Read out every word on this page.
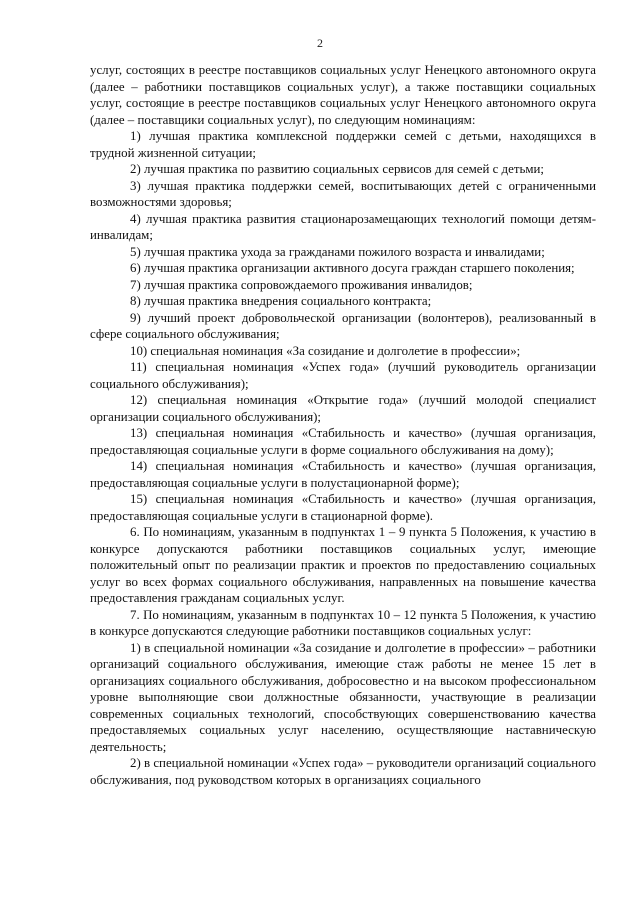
2

услуг, состоящих в реестре поставщиков социальных услуг Ненецкого автономного округа (далее – работники поставщиков социальных услуг), а также поставщики социальных услуг, состоящие в реестре поставщиков социальных услуг Ненецкого автономного округа (далее – поставщики социальных услуг), по следующим номинациям:

1) лучшая практика комплексной поддержки семей с детьми, находящихся в трудной жизненной ситуации;

2) лучшая практика по развитию социальных сервисов для семей с детьми;

3) лучшая практика поддержки семей, воспитывающих детей с ограниченными возможностями здоровья;

4) лучшая практика развития стационарозамещающих технологий помощи детям-инвалидам;

5) лучшая практика ухода за гражданами пожилого возраста и инвалидами;

6) лучшая практика организации активного досуга граждан старшего поколения;

7) лучшая практика сопровождаемого проживания инвалидов;

8) лучшая практика внедрения социального контракта;

9) лучший проект добровольческой организации (волонтеров), реализованный в сфере социального обслуживания;

10) специальная номинация «За созидание и долголетие в профессии»;

11) специальная номинация «Успех года» (лучший руководитель организации социального обслуживания);

12) специальная номинация «Открытие года» (лучший молодой специалист организации социального обслуживания);

13) специальная номинация «Стабильность и качество» (лучшая организация, предоставляющая социальные услуги в форме социального обслуживания на дому);

14) специальная номинация «Стабильность и качество» (лучшая организация, предоставляющая социальные услуги в полустационарной форме);

15) специальная номинация «Стабильность и качество» (лучшая организация, предоставляющая социальные услуги в стационарной форме).

6. По номинациям, указанным в подпунктах 1 – 9 пункта 5 Положения, к участию в конкурсе допускаются работники поставщиков социальных услуг, имеющие положительный опыт по реализации практик и проектов по предоставлению социальных услуг во всех формах социального обслуживания, направленных на повышение качества предоставления гражданам социальных услуг.

7. По номинациям, указанным в подпунктах 10 – 12 пункта 5 Положения, к участию в конкурсе допускаются следующие работники поставщиков социальных услуг:

1) в специальной номинации «За созидание и долголетие в профессии» – работники организаций социального обслуживания, имеющие стаж работы не менее 15 лет в организациях социального обслуживания, добросовестно и на высоком профессиональном уровне выполняющие свои должностные обязанности, участвующие в реализации современных социальных технологий, способствующих совершенствованию качества предоставляемых социальных услуг населению, осуществляющие наставническую деятельность;

2) в специальной номинации «Успех года» – руководители организаций социального обслуживания, под руководством которых в организациях социального
